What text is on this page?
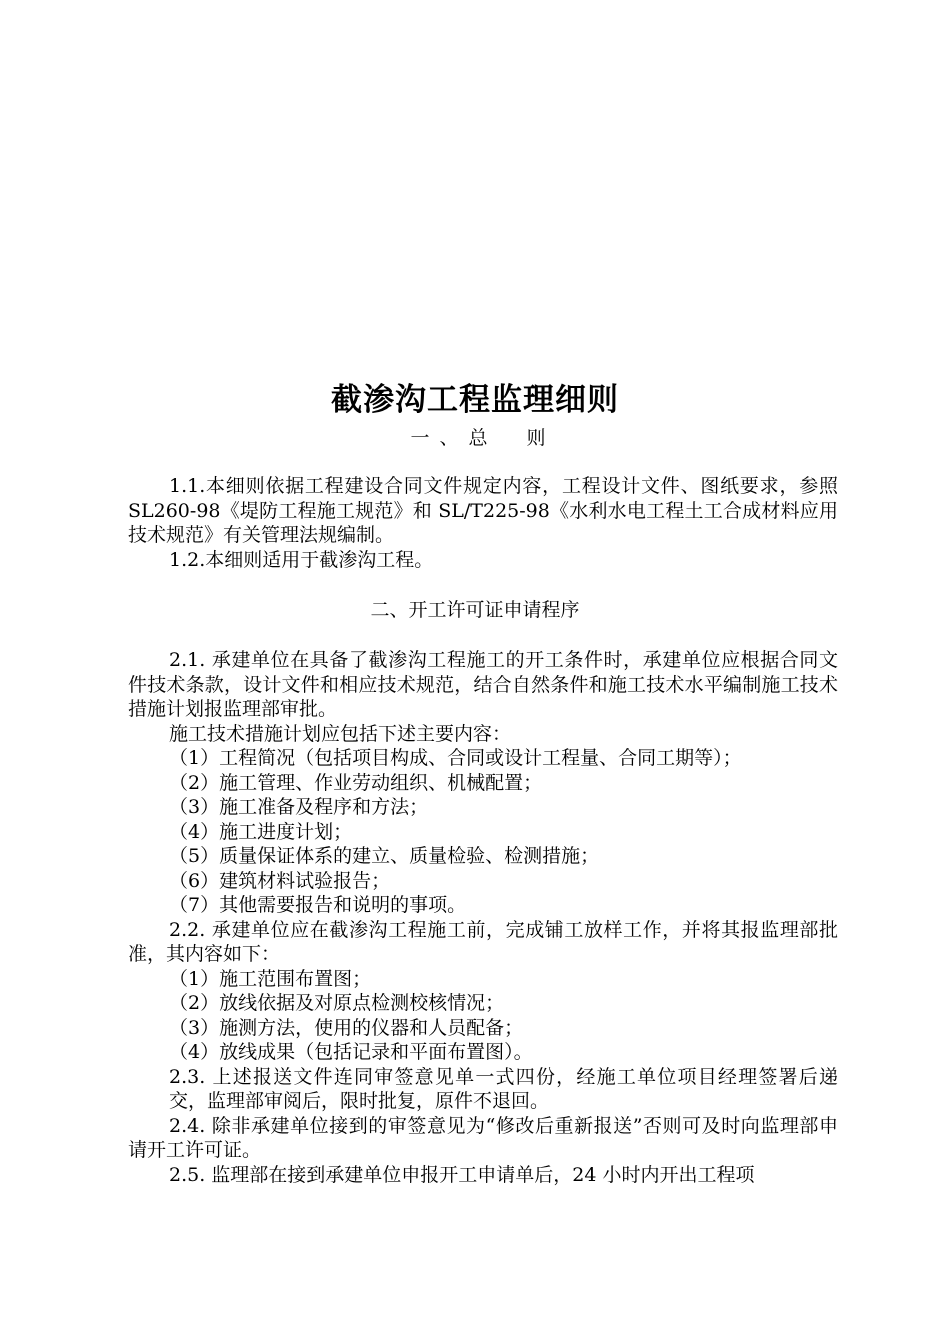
截渗沟工程监理细则
一、总　则

1.1.本细则依据工程建设合同文件规定内容，工程设计文件、图纸要求，参照 SL260-98《堤防工程施工规范》和 SL/T225-98《水利水电工程土工合成材料应用技术规范》有关管理法规编制。

1.2.本细则适用于截渗沟工程。

二、开工许可证申请程序

2.1. 承建单位在具备了截渗沟工程施工的开工条件时，承建单位应根据合同文件技术条款，设计文件和相应技术规范，结合自然条件和施工技术水平编制施工技术措施计划报监理部审批。

施工技术措施计划应包括下述主要内容：

（1）工程简况（包括项目构成、合同或设计工程量、合同工期等）；

（2）施工管理、作业劳动组织、机械配置；

（3）施工准备及程序和方法；

（4）施工进度计划；

（5）质量保证体系的建立、质量检验、检测措施；

（6）建筑材料试验报告；

（7）其他需要报告和说明的事项。

2.2. 承建单位应在截渗沟工程施工前，完成铺工放样工作，并将其报监理部批准，其内容如下：

（1）施工范围布置图；

（2）放线依据及对原点检测校核情况；

（3）施测方法，使用的仪器和人员配备；

（4）放线成果（包括记录和平面布置图）。

2.3. 上述报送文件连同审签意见单一式四份，经施工单位项目经理签署后递交，监理部审阅后，限时批复，原件不退回。

2.4. 除非承建单位接到的审签意见为“修改后重新报送”否则可及时向监理部申请开工许可证。

2.5. 监理部在接到承建单位申报开工申请单后，24 小时内开出工程项
